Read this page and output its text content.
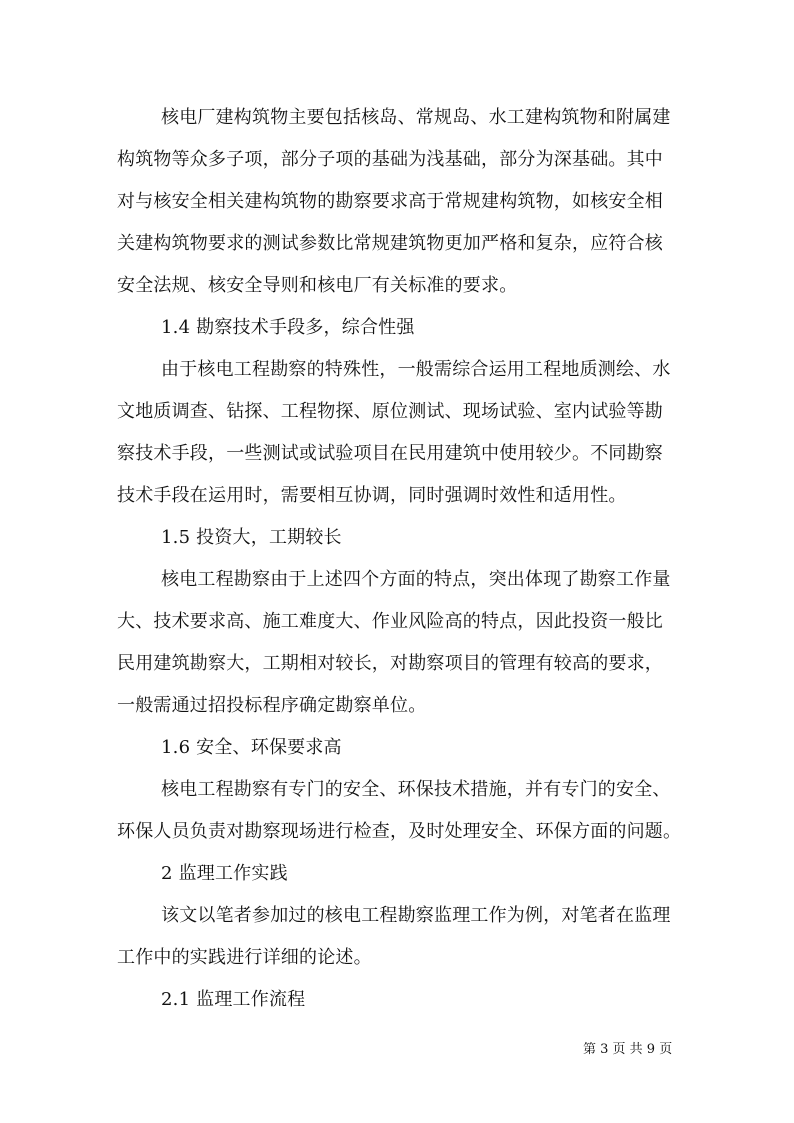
核电厂建构筑物主要包括核岛、常规岛、水工建构筑物和附属建
构筑物等众多子项，部分子项的基础为浅基础，部分为深基础。其中
对与核安全相关建构筑物的勘察要求高于常规建构筑物，如核安全相
关建构筑物要求的测试参数比常规建筑物更加严格和复杂，应符合核
安全法规、核安全导则和核电厂有关标准的要求。
1.4 勘察技术手段多，综合性强
由于核电工程勘察的特殊性，一般需综合运用工程地质测绘、水
文地质调查、钻探、工程物探、原位测试、现场试验、室内试验等勘
察技术手段，一些测试或试验项目在民用建筑中使用较少。不同勘察
技术手段在运用时，需要相互协调，同时强调时效性和适用性。
1.5 投资大，工期较长
核电工程勘察由于上述四个方面的特点，突出体现了勘察工作量
大、技术要求高、施工难度大、作业风险高的特点，因此投资一般比
民用建筑勘察大，工期相对较长，对勘察项目的管理有较高的要求，
一般需通过招投标程序确定勘察单位。
1.6 安全、环保要求高
核电工程勘察有专门的安全、环保技术措施，并有专门的安全、
环保人员负责对勘察现场进行检查，及时处理安全、环保方面的问题。
2 监理工作实践
该文以笔者参加过的核电工程勘察监理工作为例，对笔者在监理
工作中的实践进行详细的论述。
2.1 监理工作流程
第 3 页 共 9 页
